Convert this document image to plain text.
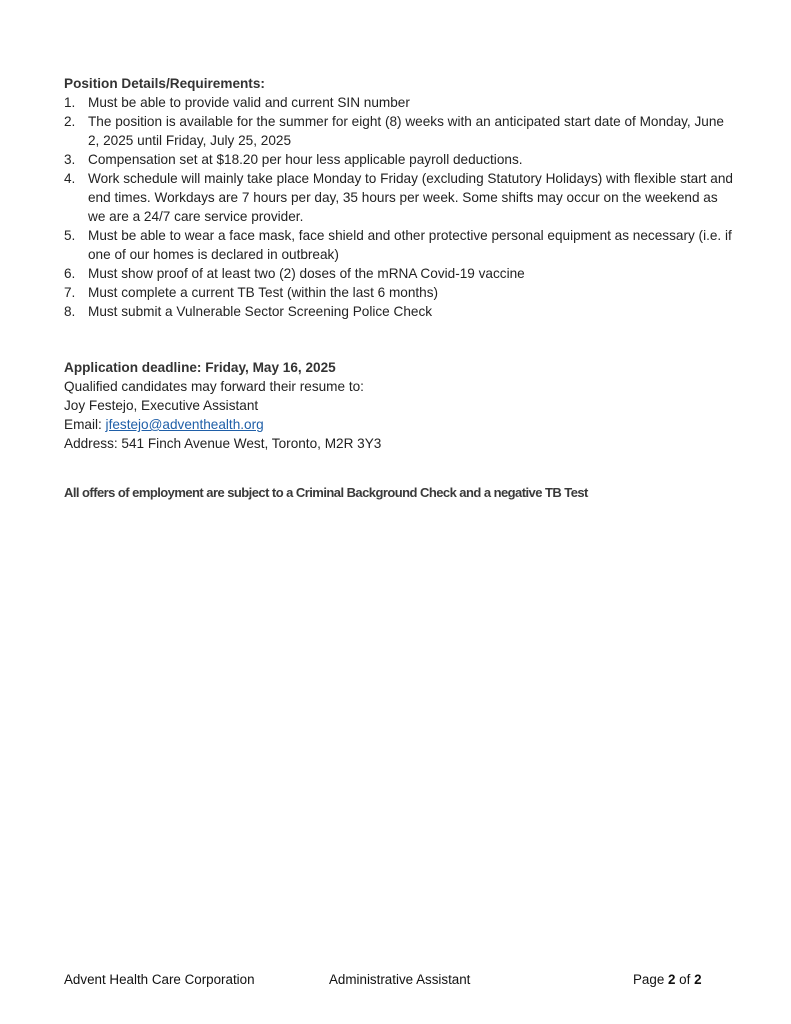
Position Details/Requirements:
1. Must be able to provide valid and current SIN number
2. The position is available for the summer for eight (8) weeks with an anticipated start date of Monday, June 2, 2025 until Friday, July 25, 2025
3. Compensation set at $18.20 per hour less applicable payroll deductions.
4. Work schedule will mainly take place Monday to Friday (excluding Statutory Holidays) with flexible start and end times. Workdays are 7 hours per day, 35 hours per week. Some shifts may occur on the weekend as we are a 24/7 care service provider.
5. Must be able to wear a face mask, face shield and other protective personal equipment as necessary (i.e. if one of our homes is declared in outbreak)
6. Must show proof of at least two (2) doses of the mRNA Covid-19 vaccine
7. Must complete a current TB Test (within the last 6 months)
8. Must submit a Vulnerable Sector Screening Police Check
Application deadline: Friday, May 16, 2025
Qualified candidates may forward their resume to:
Joy Festejo, Executive Assistant
Email: jfestejo@adventhealth.org
Address: 541 Finch Avenue West, Toronto, M2R 3Y3
All offers of employment are subject to a Criminal Background Check and a negative TB Test
Advent Health Care Corporation	Administrative Assistant	Page 2 of 2
